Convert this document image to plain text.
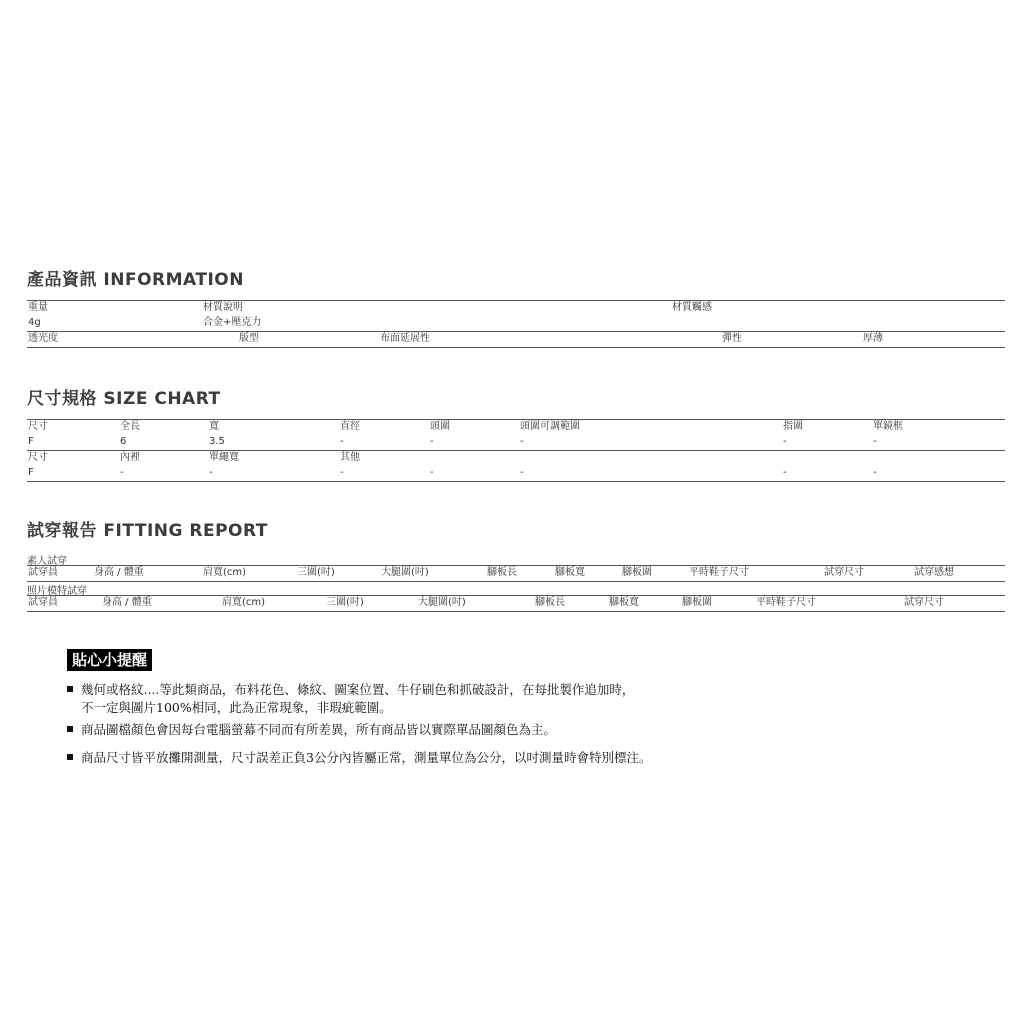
產品資訊 INFORMATION
重量	材質說明	材質觸感
4g	合金+壓克力
透光度	版型	布面延展性	彈性	厚薄
尺寸規格 SIZE CHART
尺寸	全長	寬	直徑	頭圍	頭圍可調範圍	指圍	單鏡框
F	6	3.5	-	-	-	-	-
尺寸	內裡	單繩寬	其他
F	-	-	-	-	-	-	-
試穿報告 FITTING REPORT
素人試穿
試穿員	身高 / 體重	肩寬(cm)	三圍(吋)	大腿圍(吋)	腳板長	腳板寬	腳板圍	平時鞋子尺寸	試穿尺寸	試穿感想
照片模特試穿
試穿員	身高 / 體重	肩寬(cm)	三圍(吋)	大腿圍(吋)	腳板長	腳板寬	腳板圍	平時鞋子尺寸	試穿尺寸
貼心小提醒
幾何或格紋....等此類商品，布料花色、條紋、圖案位置、牛仔刷色和抓破設計，在每批製作追加時，
不一定與圖片100%相同，此為正常現象，非瑕疵範圍。
商品圖檔顏色會因每台電腦螢幕不同而有所差異，所有商品皆以實際單品圖顏色為主。
商品尺寸皆平放攤開測量，尺寸誤差正負3公分內皆屬正常，測量單位為公分，以吋測量時會特別標注。
